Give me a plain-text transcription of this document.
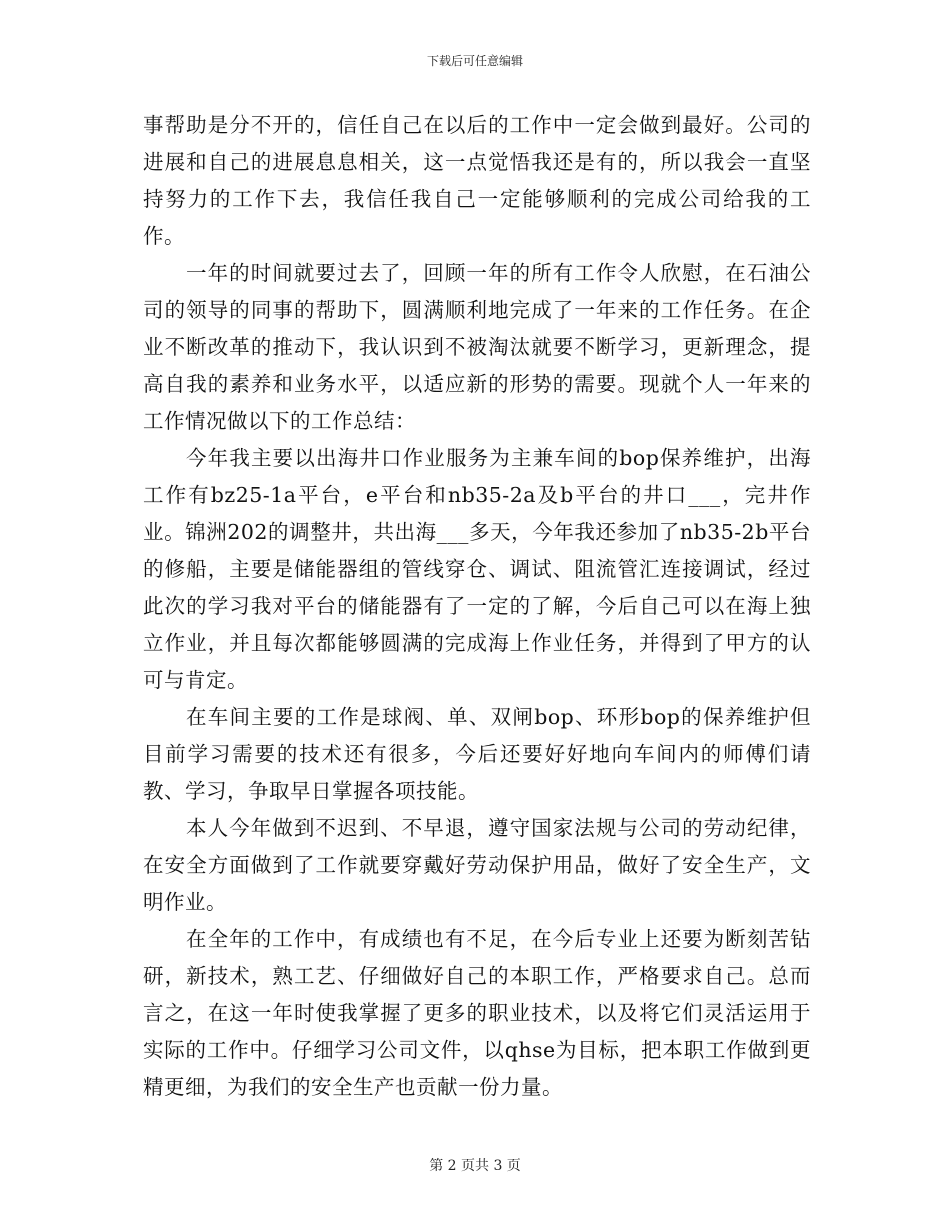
下载后可任意编辑

事帮助是分不开的，信任自己在以后的工作中一定会做到最好。公司的进展和自己的进展息息相关，这一点觉悟我还是有的，所以我会一直坚持努力的工作下去，我信任我自己一定能够顺利的完成公司给我的工作。

一年的时间就要过去了，回顾一年的所有工作令人欣慰，在石油公司的领导的同事的帮助下，圆满顺利地完成了一年来的工作任务。在企业不断改革的推动下，我认识到不被淘汰就要不断学习，更新理念，提高自我的素养和业务水平，以适应新的形势的需要。现就个人一年来的工作情况做以下的工作总结：

今年我主要以出海井口作业服务为主兼车间的bop保养维护，出海工作有bz25-1a平台，e平台和nb35-2a及b平台的井口___，完井作业。锦洲202的调整井，共出海___多天，今年我还参加了nb35-2b平台的修船，主要是储能器组的管线穿仓、调试、阻流管汇连接调试，经过此次的学习我对平台的储能器有了一定的了解，今后自己可以在海上独立作业，并且每次都能够圆满的完成海上作业任务，并得到了甲方的认可与肯定。

在车间主要的工作是球阀、单、双闸bop、环形bop的保养维护但目前学习需要的技术还有很多，今后还要好好地向车间内的师傅们请教、学习，争取早日掌握各项技能。

本人今年做到不迟到、不早退，遵守国家法规与公司的劳动纪律，在安全方面做到了工作就要穿戴好劳动保护用品，做好了安全生产，文明作业。

在全年的工作中，有成绩也有不足，在今后专业上还要为断刻苦钻研，新技术，熟工艺、仔细做好自己的本职工作，严格要求自己。总而言之，在这一年时使我掌握了更多的职业技术，以及将它们灵活运用于实际的工作中。仔细学习公司文件，以qhse为目标，把本职工作做到更精更细，为我们的安全生产也贡献一份力量。

第 2 页共 3 页
